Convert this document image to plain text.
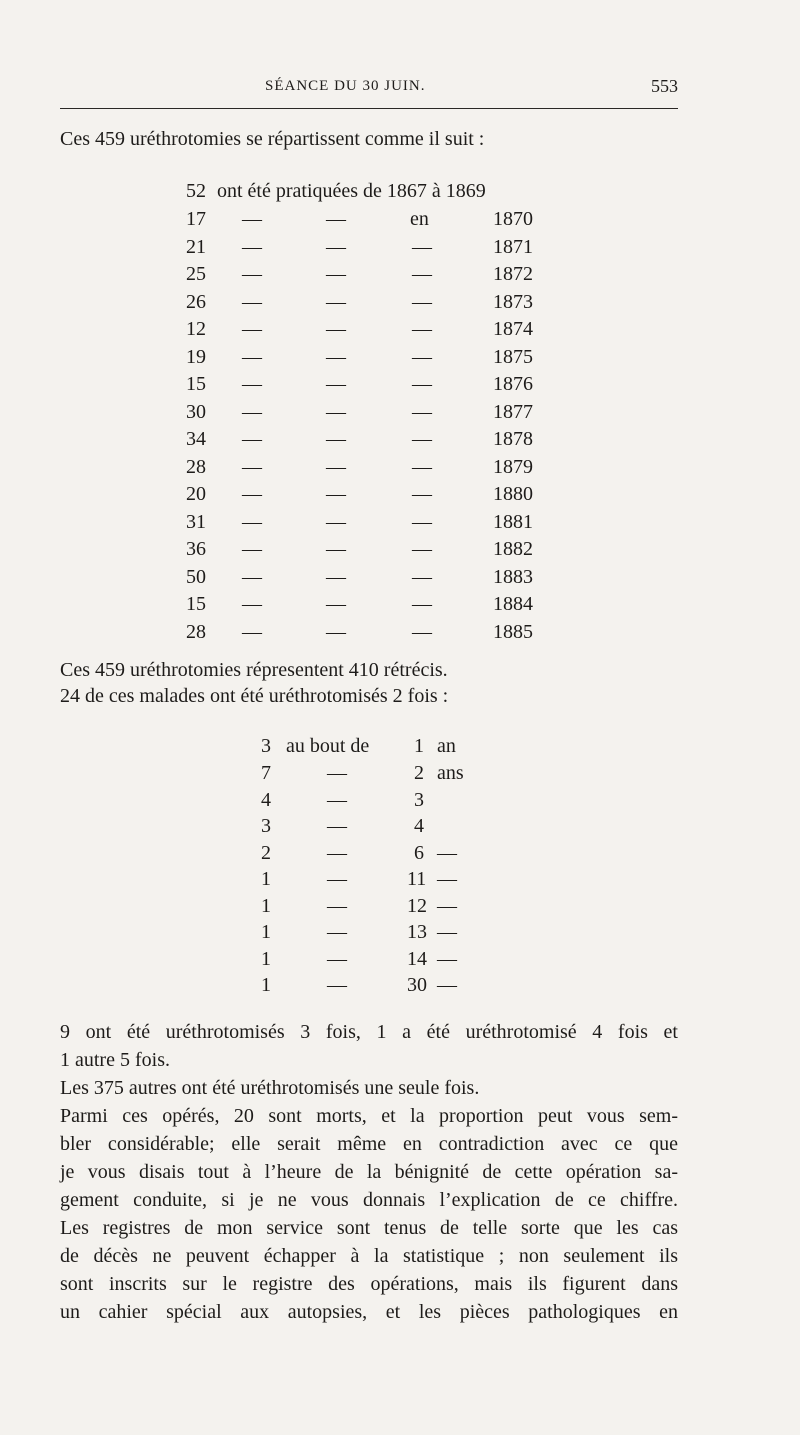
SÉANCE DU 30 JUIN.	553
Ces 459 uréthrotomies se répartissent comme il suit :
52 ont été pratiquées de 1867 à 1869
17 —	—	en	1870
21 —	—	—	1871
25 —	—	—	1872
26 —	—	—	1873
12 —	—	—	1874
19 —	—	—	1875
15 —	—	—	1876
30 —	—	—	1877
34 —	—	—	1878
28 —	—	—	1879
20 —	—	—	1880
31 —	—	—	1881
36 —	—	—	1882
50 —	—	—	1883
15 —	—	—	1884
28 —	—	—	1885
Ces 459 uréthrotomies répresentent 410 rétrécis.
24 de ces malades ont été uréthrotomisés 2 fois :
3 au bout de 1 an
7	—	2 ans
4	—	3
3	—	4
2	—	6 —
1	—	11 —
1	—	12 —
1	—	13 —
1	—	14 —
1	—	30 —
9 ont été uréthrotomisés 3 fois, 1 a été uréthrotomisé 4 fois et
1 autre 5 fois.
Les 375 autres ont été uréthrotomisés une seule fois.
Parmi ces opérés, 20 sont morts, et la proportion peut vous sem-
bler considérable; elle serait même en contradiction avec ce que
je vous disais tout à l’heure de la bénignité de cette opération sa-
gement conduite, si je ne vous donnais l’explication de ce chiffre.
Les registres de mon service sont tenus de telle sorte que les cas
de décès ne peuvent échapper à la statistique ; non seulement ils
sont inscrits sur le registre des opérations, mais ils figurent dans
un cahier spécial aux autopsies, et les pièces pathologiques en
